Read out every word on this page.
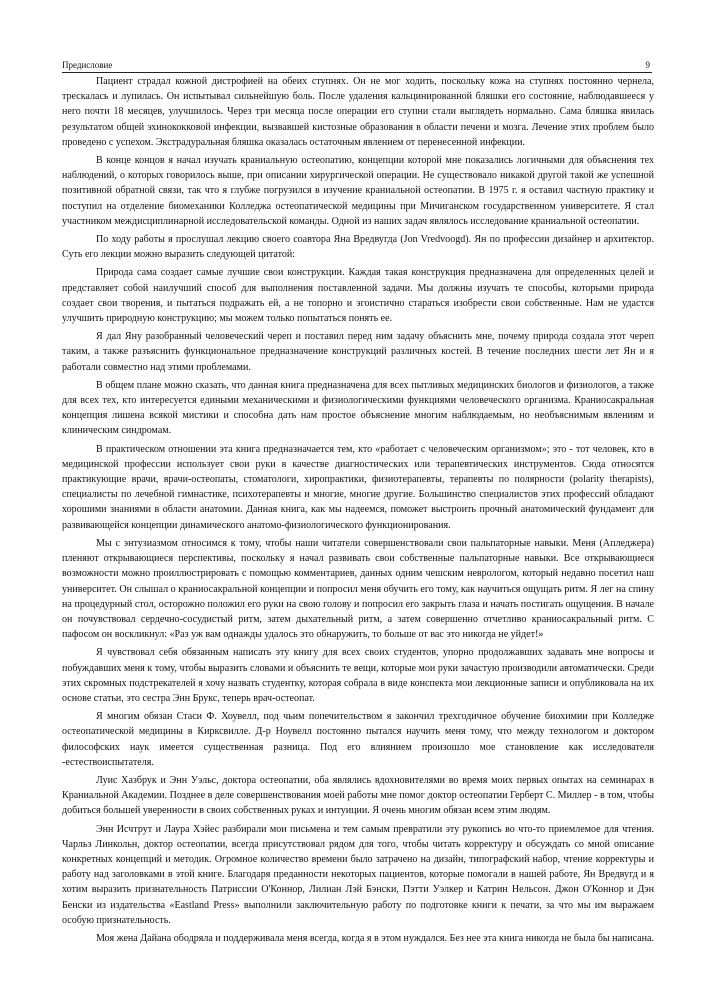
Предисловие	9

Пациент страдал кожной дистрофией на обеих ступнях. Он не мог ходить, поскольку кожа на ступнях постоянно чернела, трескалась и лупилась. Он испытывал сильнейшую боль. После удаления кальцинированной бляшки его состояние, наблюдавшееся у него почти 18 месяцев, улучшилось. Через три месяца после операции его ступни стали выглядеть нормально. Сама бляшка явилась результатом общей эхинококковой инфекции, вызвавшей кистозные образования в области печени и мозга. Лечение этих проблем было проведено с успехом. Экстрадуральная бляшка оказалась остаточным явлением от перенесенной инфекции.

В конце концов я начал изучать краниальную остеопатию, концепции которой мне показались логичными для объяснения тех наблюдений, о которых говорилось выше, при описании хирургической операции. Не существовало никакой другой такой же успешной позитивной обратной связи, так что я глубже погрузился в изучение краниальной остеопатии. В 1975 г. я оставил частную практику и поступил на отделение биомеханики Колледжа остеопатической медицины при Мичиганском государственном университете. Я стал участником междисциплинарной исследовательской команды. Одной из наших задач являлось исследование краниальной остеопатии.

По ходу работы я прослушал лекцию своего соавтора Яна Вредвугда (Jon Vredvoogd). Ян по профессии дизайнер и архитектор. Суть его лекции можно выразить следующей цитатой:

Природа сама создает самые лучшие свои конструкции. Каждая такая конструкция предназначена для определенных целей и представляет собой наилучший способ для выполнения поставленной задачи. Мы должны изучать те способы, которыми природа создает свои творения, и пытаться подражать ей, а не топорно и эгоистично стараться изобрести свои собственные. Нам не удастся улучшить природную конструкцию; мы можем только попытаться понять ее.

Я дал Яну разобранный человеческий череп и поставил перед ним задачу объяснить мне, почему природа создала этот череп таким, а также разъяснить функциональное предназначение конструкций различных костей. В течение последних шести лет Ян и я работали совместно над этими проблемами.

В общем плане можно сказать, что данная книга предназначена для всех пытливых медицинских биологов и физиологов, а также для всех тех, кто интересуется едиными механическими и физиологическими функциями человеческого организма. Краниосакральная концепция лишена всякой мистики и способна дать нам простое объяснение многим наблюдаемым, но необъяснимым явлениям и клиническим синдромам.

В практическом отношении эта книга предназначается тем, кто «работает с человеческим организмом»; это - тот человек, кто в медицинской профессии использует свои руки в качестве диагностических или терапевтических инструментов. Сюда относятся практикующие врачи, врачи-остеопаты, стоматологи, хиропрактики, физиотерапевты, терапевты по полярности (polarity therapists), специалисты по лечебной гимнастике, психотерапевты и многие, многие другие. Большинство специалистов этих профессий обладают хорошими знаниями в области анатомии. Данная книга, как мы надеемся, поможет выстроить прочный анатомический фундамент для развивающейся концепции динамического анатомо-физиологического функционирования.

Мы с энтузиазмом относимся к тому, чтобы наши читатели совершенствовали свои пальпаторные навыки. Меня (Апледжера) пленяют открывающиеся перспективы, поскольку я начал развивать свои собственные пальпаторные навыки. Все открывающиеся возможности можно проиллюстрировать с помощью комментариев, данных одним чешским неврологом, который недавно посетил наш университет. Он слышал о краниосакральной концепции и попросил меня обучить его тому, как научиться ощущать ритм. Я лег на спину на процедурный стол, осторожно положил его руки на свою голову и попросил его закрыть глаза и начать постигать ощущения. В начале он почувствовал сердечно-сосудистый ритм, затем дыхательный ритм, а затем совершенно отчетливо краниосакральный ритм. С пафосом он воскликнул: «Раз уж вам однажды удалось это обнаружить, то больше от вас это никогда не уйдет!»

Я чувствовал себя обязанным написать эту книгу для всех своих студентов, упорно продолжавших задавать мне вопросы и побуждавших меня к тому, чтобы выразить словами и объяснить те вещи, которые мои руки зачастую производили автоматически. Среди этих скромных подстрекателей я хочу назвать студентку, которая собрала в виде конспекта мои лекционные записи и опубликовала на их основе статьи, это сестра Энн Брукс, теперь врач-остеопат.

Я многим обязан Стаси Ф. Хоувелл, под чьим попечительством я закончил трехгодичное обучение биохимии при Колледже остеопатической медицины в Кирксвилле. Д-р Ноувелл постоянно пытался научить меня тому, что между технологом и доктором философских наук имеется существенная разница. Под его влиянием произошло мое становление как исследователя -естествоиспытателя.

Луис Хазбрук и Энн Уэльс, доктора остеопатии, оба являлись вдохновителями во время моих первых опытах на семинарах в Краниальной Академии. Позднее в деле совершенствования моей работы мне помог доктор остеопатии Герберт С. Миллер - в том, чтобы добиться большей уверенности в своих собственных руках и интуиции. Я очень многим обязан всем этим людям.

Энн Исчтрут и Лаура Хэйес разбирали мои письмена и тем самым превратили эту рукопись во что-то приемлемое для чтения. Чарльз Линкольн, доктор остеопатии, всегда присутствовал рядом для того, чтобы читать корректуру и обсуждать со мной описание конкретных концепций и методик. Огромное количество времени было затрачено на дизайн, типографский набор, чтение корректуры и работу над заголовками в этой книге. Благодаря преданности некоторых пациентов, которые помогали в нашей работе, Ян Вредвугд и я хотим выразить признательность Патриссии О'Коннор, Лилиан Лэй Бэнски, Пэтти Уэлкер и Катрин Нельсон. Джон О'Коннор и Дэн Бенски из издательства «Eastland Press» выполнили заключительную работу по подготовке книги к печати, за что мы им выражаем особую признательность.

Моя жена Дайана ободряла и поддерживала меня всегда, когда я в этом нуждался. Без нее эта книга никогда не была бы написана.
